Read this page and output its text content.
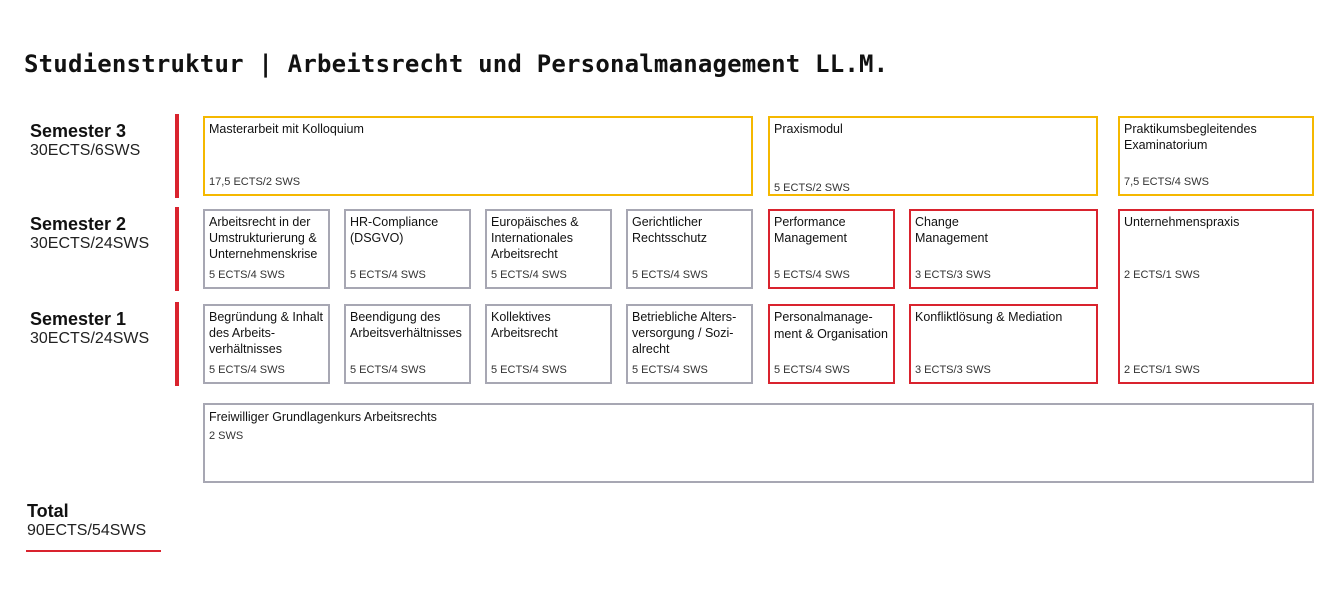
Studienstruktur | Arbeitsrecht und Personalmanagement LL.M.
Semester 3
30ECTS/6SWS
Semester 2
30ECTS/24SWS
Semester 1
30ECTS/24SWS
Masterarbeit mit Kolloquium
17,5 ECTS/2 SWS
Praxismodul
5 ECTS/2 SWS
Praktikumsbegleitendes Examinatorium
7,5 ECTS/4 SWS
Arbeitsrecht in der Umstrukturierung & Unternehmenskrise
5 ECTS/4 SWS
HR-Compliance (DSGVO)
5 ECTS/4 SWS
Europäisches & Internationales Arbeitsrecht
5 ECTS/4 SWS
Gerichtlicher Rechtsschutz
5 ECTS/4 SWS
Performance Management
5 ECTS/4 SWS
Change Management
3 ECTS/3 SWS
Unternehmenspraxis
2 ECTS/1 SWS
2 ECTS/1 SWS
Begründung & Inhalt des Arbeitsverhältnisses
5 ECTS/4 SWS
Beendigung des Arbeitsverhältnisses
5 ECTS/4 SWS
Kollektives Arbeitsrecht
5 ECTS/4 SWS
Betriebliche Altersversorgung / Sozialrecht
5 ECTS/4 SWS
Personalmanagement & Organisation
5 ECTS/4 SWS
Konfliktlösung & Mediation
3 ECTS/3 SWS
Freiwilliger Grundlagenkurs Arbeitsrechts
2 SWS
Total
90ECTS/54SWS
